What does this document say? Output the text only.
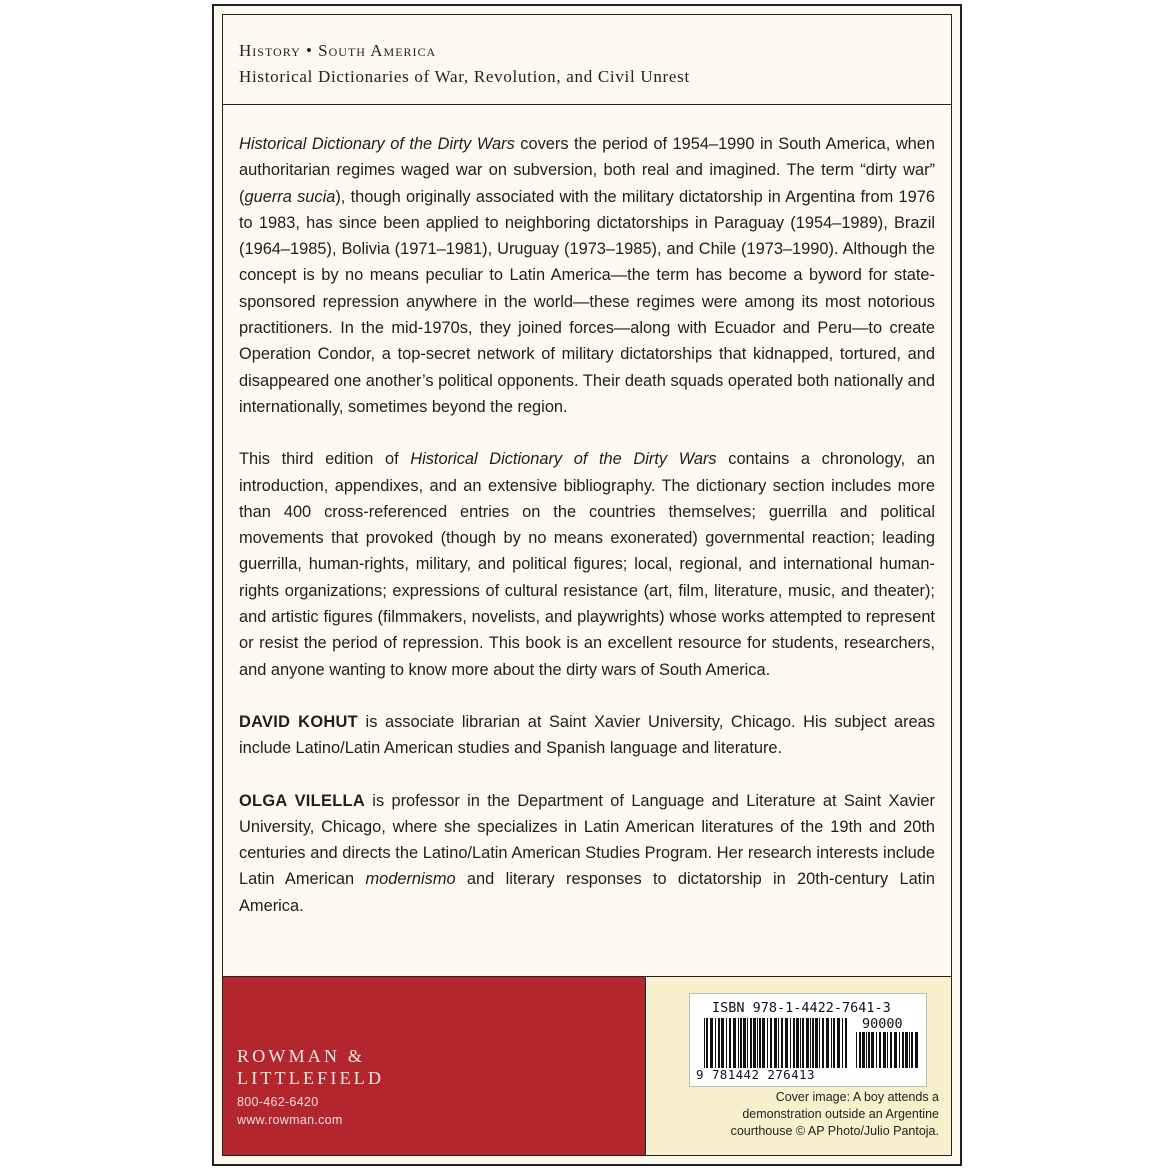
History • South America
Historical Dictionaries of War, Revolution, and Civil Unrest

Historical Dictionary of the Dirty Wars covers the period of 1954–1990 in South America, when authoritarian regimes waged war on subversion, both real and imagined. The term “dirty war” (guerra sucia), though originally associated with the military dictatorship in Argentina from 1976 to 1983, has since been applied to neighboring dictatorships in Paraguay (1954–1989), Brazil (1964–1985), Bolivia (1971–1981), Uruguay (1973–1985), and Chile (1973–1990). Although the concept is by no means peculiar to Latin America—the term has become a byword for state-sponsored repression anywhere in the world—these regimes were among its most notorious practitioners. In the mid-1970s, they joined forces—along with Ecuador and Peru—to create Operation Condor, a top-secret network of military dictatorships that kidnapped, tortured, and disappeared one another’s political opponents. Their death squads operated both nationally and internationally, sometimes beyond the region.

This third edition of Historical Dictionary of the Dirty Wars contains a chronology, an introduction, appendixes, and an extensive bibliography. The dictionary section includes more than 400 cross-referenced entries on the countries themselves; guerrilla and political movements that provoked (though by no means exonerated) governmental reaction; leading guerrilla, human-rights, military, and political figures; local, regional, and international human-rights organizations; expressions of cultural resistance (art, film, literature, music, and theater); and artistic figures (filmmakers, novelists, and playwrights) whose works attempted to represent or resist the period of repression. This book is an excellent resource for students, researchers, and anyone wanting to know more about the dirty wars of South America.

DAVID KOHUT is associate librarian at Saint Xavier University, Chicago. His subject areas include Latino/Latin American studies and Spanish language and literature.

OLGA VILELLA is professor in the Department of Language and Literature at Saint Xavier University, Chicago, where she specializes in Latin American literatures of the 19th and 20th centuries and directs the Latino/Latin American Studies Program. Her research interests include Latin American modernismo and literary responses to dictatorship in 20th-century Latin America.

ROWMAN &
LITTLEFIELD
800-462-6420
www.rowman.com
ISBN 978-1-4422-7641-3
90000
9 781442 276413
Cover image: A boy attends a
demonstration outside an Argentine
courthouse © AP Photo/Julio Pantoja.
